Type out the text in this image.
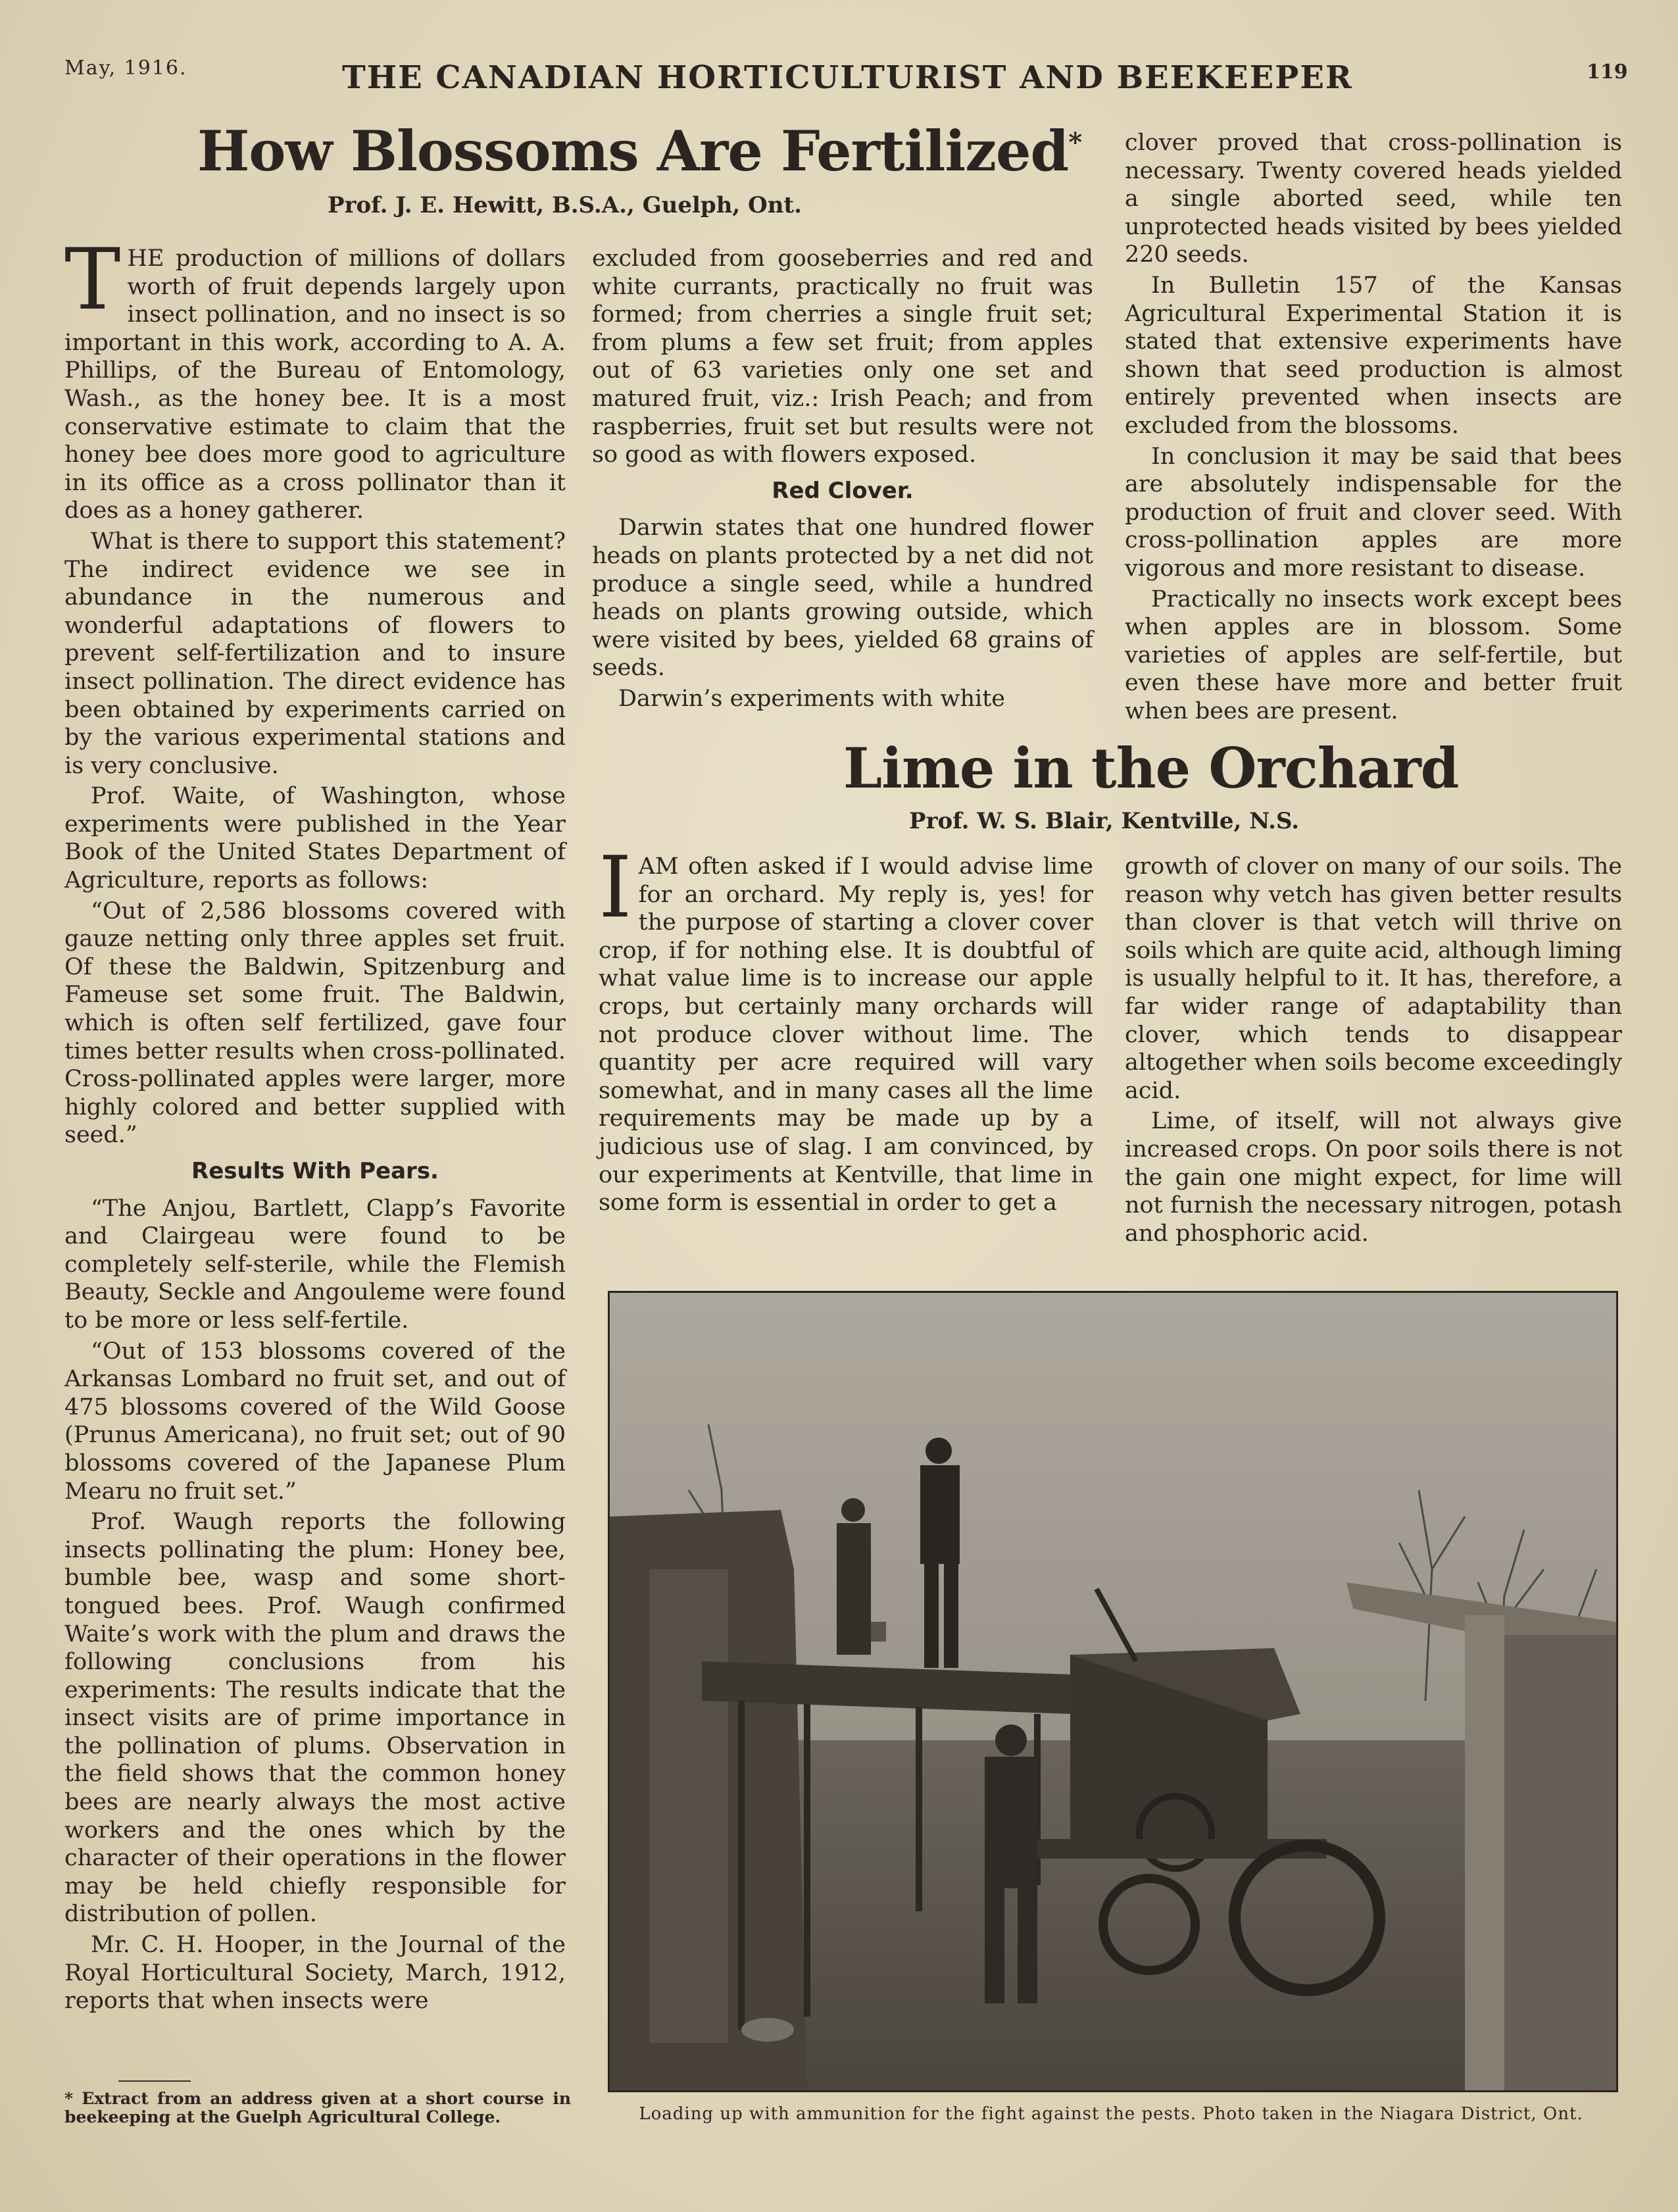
May, 1916.	THE CANADIAN HORTICULTURIST AND BEEKEEPER	119
How Blossoms Are Fertilized*
Prof. J. E. Hewitt, B.S.A., Guelph, Ont.

THE production of millions of dollars worth of fruit depends largely upon insect pollination, and no insect is so important in this work, according to A. A. Phillips, of the Bureau of Entomology, Wash., as the honey bee. It is a most conservative estimate to claim that the honey bee does more good to agriculture in its office as a cross pollinator than it does as a honey gatherer.

What is there to support this statement? The indirect evidence we see in abundance in the numerous and wonderful adaptations of flowers to prevent self-fertilization and to insure insect pollination. The direct evidence has been obtained by experiments carried on by the various experimental stations and is very conclusive.

Prof. Waite, of Washington, whose experiments were published in the Year Book of the United States Department of Agriculture, reports as follows:

“Out of 2,586 blossoms covered with gauze netting only three apples set fruit. Of these the Baldwin, Spitzenburg and Fameuse set some fruit. The Baldwin, which is often self fertilized, gave four times better results when cross-pollinated. Cross-pollinated apples were larger, more highly colored and better supplied with seed.”

Results With Pears.

“The Anjou, Bartlett, Clapp’s Favorite and Clairgeau were found to be completely self-sterile, while the Flemish Beauty, Seckle and Angouleme were found to be more or less self-fertile.

“Out of 153 blossoms covered of the Arkansas Lombard no fruit set, and out of 475 blossoms covered of the Wild Goose (Prunus Americana), no fruit set; out of 90 blossoms covered of the Japanese Plum Mearu no fruit set.”

Prof. Waugh reports the following insects pollinating the plum: Honey bee, bumble bee, wasp and some short-tongued bees. Prof. Waugh confirmed Waite’s work with the plum and draws the following conclusions from his experiments: The results indicate that the insect visits are of prime importance in the pollination of plums. Observation in the field shows that the common honey bees are nearly always the most active workers and the ones which by the character of their operations in the flower may be held chiefly responsible for distribution of pollen.

Mr. C. H. Hooper, in the Journal of the Royal Horticultural Society, March, 1912, reports that when insects were

excluded from gooseberries and red and white currants, practically no fruit was formed; from cherries a single fruit set; from plums a few set fruit; from apples out of 63 varieties only one set and matured fruit, viz.: Irish Peach; and from raspberries, fruit set but results were not so good as with flowers exposed.

Red Clover.

Darwin states that one hundred flower heads on plants protected by a net did not produce a single seed, while a hundred heads on plants growing outside, which were visited by bees, yielded 68 grains of seeds.

Darwin’s experiments with white

clover proved that cross-pollination is necessary. Twenty covered heads yielded a single aborted seed, while ten unprotected heads visited by bees yielded 220 seeds.

In Bulletin 157 of the Kansas Agricultural Experimental Station it is stated that extensive experiments have shown that seed production is almost entirely prevented when insects are excluded from the blossoms.

In conclusion it may be said that bees are absolutely indispensable for the production of fruit and clover seed. With cross-pollination apples are more vigorous and more resistant to disease.

Practically no insects work except bees when apples are in blossom. Some varieties of apples are self-fertile, but even these have more and better fruit when bees are present.

Lime in the Orchard
Prof. W. S. Blair, Kentville, N.S.

IAM often asked if I would advise lime for an orchard. My reply is, yes! for the purpose of starting a clover cover crop, if for nothing else. It is doubtful of what value lime is to increase our apple crops, but certainly many orchards will not produce clover without lime. The quantity per acre required will vary somewhat, and in many cases all the lime requirements may be made up by a judicious use of slag. I am convinced, by our experiments at Kentville, that lime in some form is essential in order to get a

growth of clover on many of our soils. The reason why vetch has given better results than clover is that vetch will thrive on soils which are quite acid, although liming is usually helpful to it. It has, therefore, a far wider range of adaptability than clover, which tends to disappear altogether when soils become exceedingly acid.

Lime, of itself, will not always give increased crops. On poor soils there is not the gain one might expect, for lime will not furnish the necessary nitrogen, potash and phosphoric acid.

Loading up with ammunition for the fight against the pests. Photo taken in the Niagara District, Ont.
* Extract from an address given at a short course in beekeeping at the Guelph Agricultural College.
